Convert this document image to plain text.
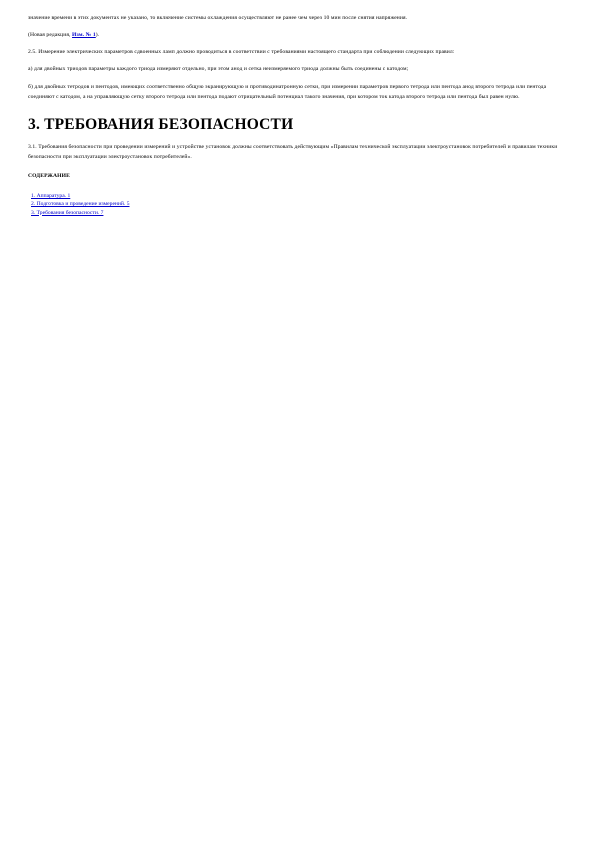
значение времени в этих документах не указано, то включение системы охлаждения осуществляют не ранее чем через 10 мин после снятия напряжения.

(Новая редакция, Изм. № 1).

2.5. Измерение электрических параметров сдвоенных ламп должно проводиться в соответствии с требованиями настоящего стандарта при соблюдении следующих правил:

а) для двойных триодов параметры каждого триода измеряют отдельно, при этом анод и сетка неизмеряемого триода должны быть соединены с катодом;

б) для двойных тетродов и пентодов, имеющих соответственно общую экранирующую и противодинатронную сетки, при измерении параметров первого тетрода или пентода анод второго тетрода или пентода соединяют с катодом, а на управляющую сетку второго тетрода или пентода подают отрицательный потенциал такого значения, при котором ток катода второго тетрода или пентода был равен нулю.

3. ТРЕБОВАНИЯ БЕЗОПАСНОСТИ

3.1. Требования безопасности при проведении измерений и устройстве установок должны соответствовать действующим «Правилам технической эксплуатации электроустановок потребителей и правилам техники безопасности при эксплуатации электроустановок потребителей».

СОДЕРЖАНИЕ

1. Аппаратура. 1
2. Подготовка и проведение измерений. 5
3. Требования безопасности. 7
